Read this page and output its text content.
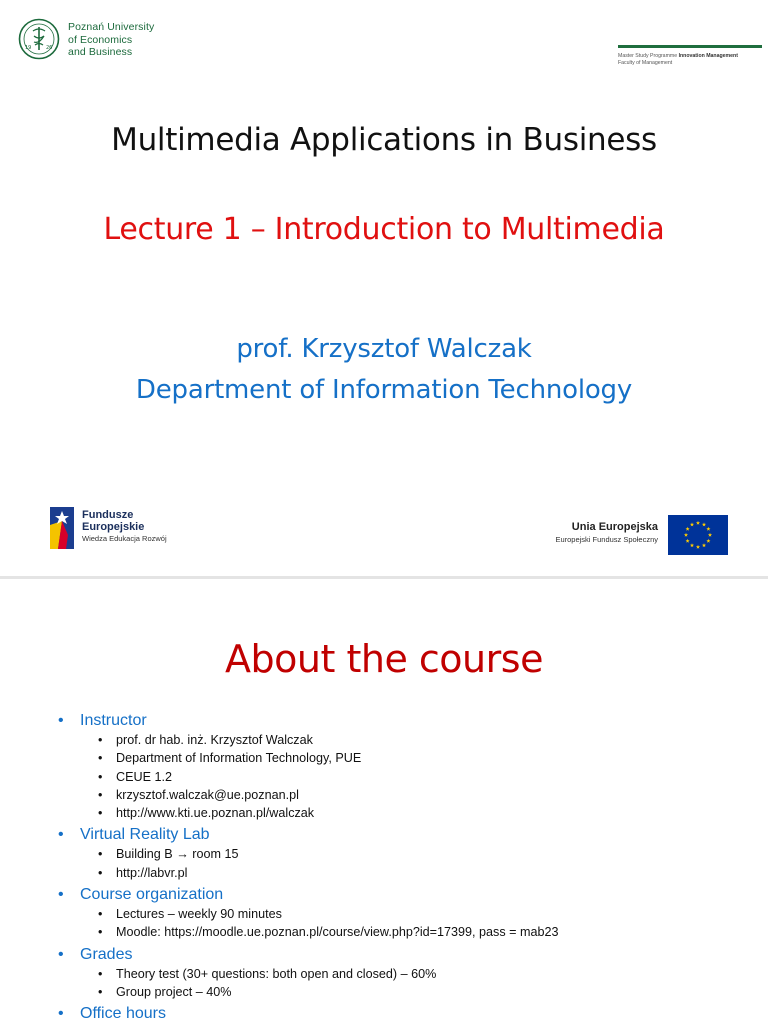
19	26
Poznań University
of Economics
and Business	Master Study Programme Innovation Management
Faculty of Management
Multimedia Applications in Business
Lecture 1 – Introduction to Multimedia
prof. Krzysztof Walczak
Department of Information Technology
Fundusze
Europejskie
Wiedza Edukacja Rozwój
Unia Europejska
Europejski Fundusz Społeczny
About the course
•	Instructor
•	prof. dr hab. inż. Krzysztof Walczak
•	Department of Information Technology, PUE
•	CEUE 1.2
•	krzysztof.walczak@ue.poznan.pl
•	http://www.kti.ue.poznan.pl/walczak
•	Virtual Reality Lab
•	Building B → room 15
•	http://labvr.pl
•	Course organization
•	Lectures – weekly 90 minutes
•	Moodle: https://moodle.ue.poznan.pl/course/view.php?id=17399, pass = mab23
•	Grades
•	Theory test (30+ questions: both open and closed) – 60%
•	Group project – 40%
•	Office hours
